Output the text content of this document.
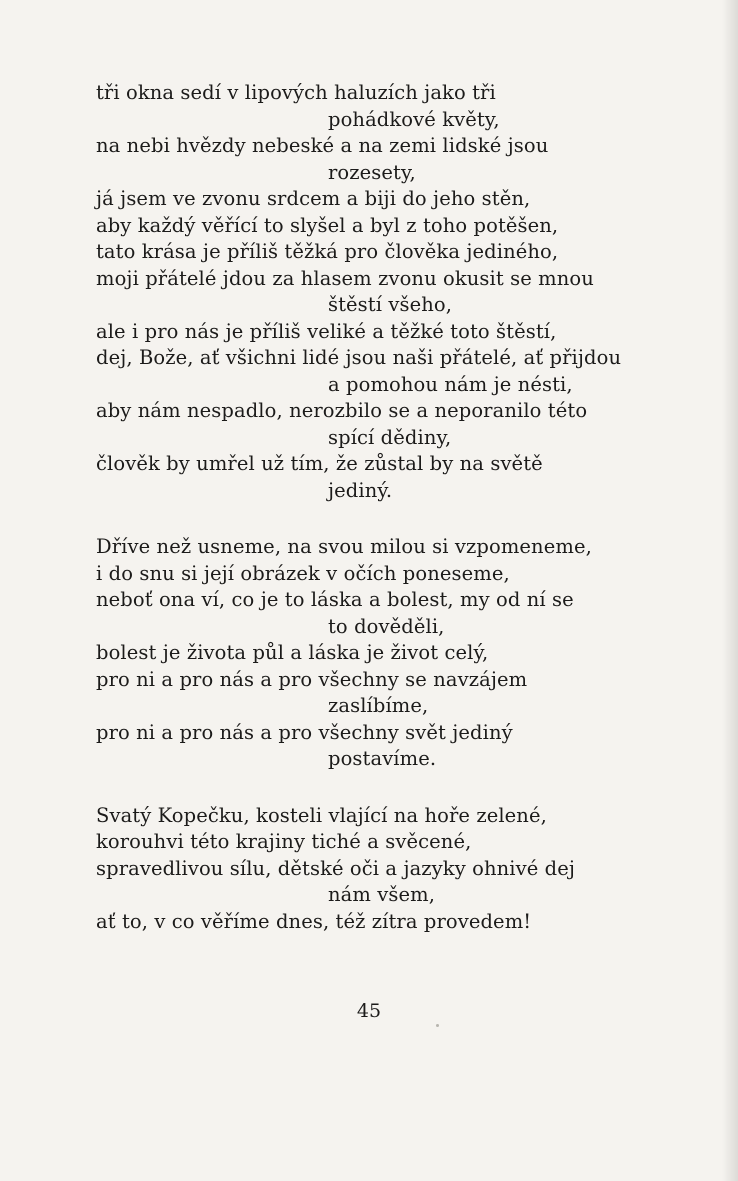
tři okna sedí v lipových haluzích jako tři
pohádkové květy,
na nebi hvězdy nebeské a na zemi lidské jsou
rozesety,
já jsem ve zvonu srdcem a biji do jeho stěn,
aby každý věřící to slyšel a byl z toho potěšen,
tato krása je příliš těžká pro člověka jediného,
moji přátelé jdou za hlasem zvonu okusit se mnou
štěstí všeho,
ale i pro nás je příliš veliké a těžké toto štěstí,
dej, Bože, ať všichni lidé jsou naši přátelé, ať přijdou
a pomohou nám je nésti,
aby nám nespadlo, nerozbilo se a neporanilo této
spící dědiny,
člověk by umřel už tím, že zůstal by na světě
jediný.
Dříve než usneme, na svou milou si vzpomeneme,
i do snu si její obrázek v očích poneseme,
neboť ona ví, co je to láska a bolest, my od ní se
to dověděli,
bolest je života půl a láska je život celý,
pro ni a pro nás a pro všechny se navzájem
zaslíbíme,
pro ni a pro nás a pro všechny svět jediný
postavíme.
Svatý Kopečku, kosteli vlající na hoře zelené,
korouhvi této krajiny tiché a svěcené,
spravedlivou sílu, dětské oči a jazyky ohnivé dej
nám všem,
ať to, v co věříme dnes, též zítra provedem!
45
